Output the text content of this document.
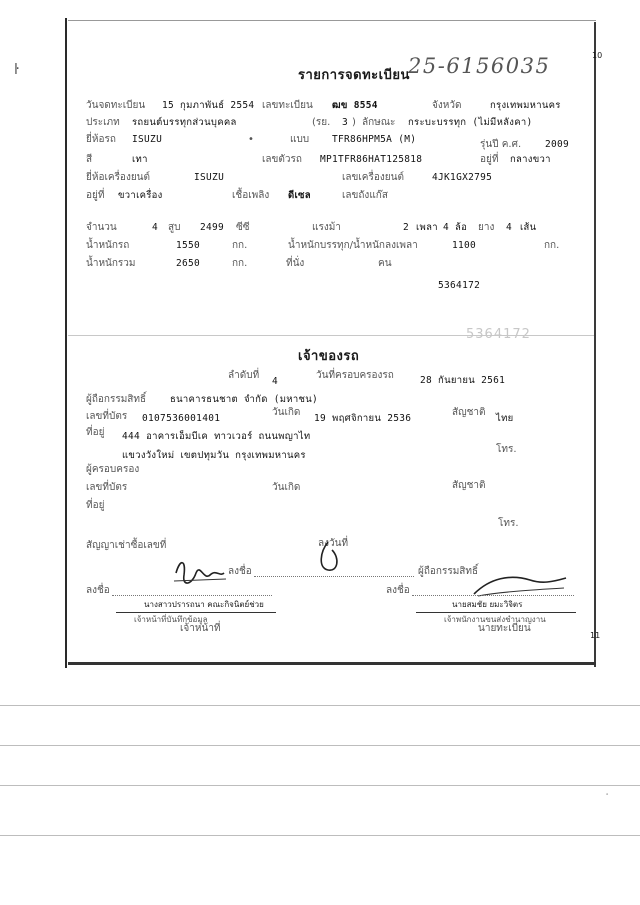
ŀ
10
11
ﾟ
รายการจดทะเบียน
25-6156035
วันจดทะเบียน 15 กุมภาพันธ์ 2554 เลขทะเบียน ฒข 8554	จังหวัด	กรุงเทพมหานคร
ประเภท รถยนต์บรรทุกส่วนบุคคล	(รย. 3 ) ลักษณะ กระบะบรรทุก (ไม่มีหลังคา)
ยี่ห้อรถ ISUZU	•	แบบ TFR86HPM5A (M)	รุ่นปี ค.ศ.	2009
สี	เทา	เลขตัวรถ MP1TFR86HAT125818	อยู่ที่ กลางขวา
ยี่ห้อเครื่องยนต์	ISUZU	เลขเครื่องยนต์	4JK1GX2795
อยู่ที่ ขวาเครื่อง	เชื้อเพลิง ดีเซล	เลขถังแก๊ส
จำนวน	4 สูบ 2499 ซีซี	แรงม้า	2 เพลา 4 ล้อ ยาง 4 เส้น
น้ำหนักรถ	1550	กก.	น้ำหนักบรรทุก/น้ำหนักลงเพลา	1100	กก.
น้ำหนักรวม	2650	กก.	ที่นั่ง	คน
5364172
5364172
เจ้าของรถ
ลำดับที่
4
วันที่ครอบครองรถ	28 กันยายน 2561
ผู้ถือกรรมสิทธิ์	ธนาคารธนชาต จำกัด (มหาชน)
เลขที่บัตร 0107536001401
วันเกิด
19 พฤศจิกายน 2536
สัญชาติ
ไทย
ที่อยู่ 444 อาคารเอ็มบีเค ทาวเวอร์ ถนนพญาไท
โทร.
แขวงวังใหม่ เขตปทุมวัน กรุงเทพมหานคร
ผู้ครอบครอง
เลขที่บัตร	วันเกิด	สัญชาติ
ที่อยู่
โทร.
สัญญาเช่าซื้อเลขที่	ลงวันที่
ลงชื่อ	ผู้ถือกรรมสิทธิ์
ลงชื่อ
นางสาวปรารถนา คณะกิจนิตย์ช่วย
เจ้าหน้าที่บันทึกข้อมูล
เจ้าหน้าที่
ลงชื่อ
นายสมชัย ยมะวิจิตร
เจ้าพนักงานขนส่งชำนาญงาน
นายทะเบียน
